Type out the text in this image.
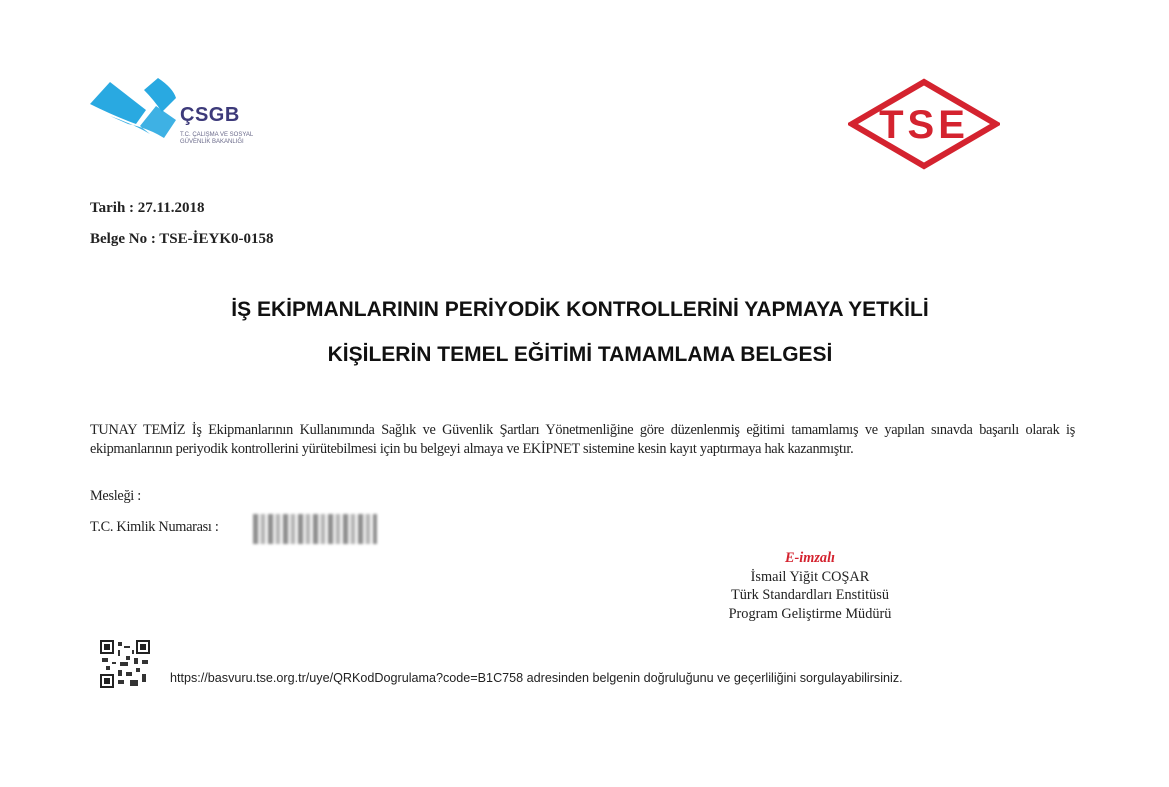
ÇSGB
T.C. ÇALIŞMA VE SOSYAL GÜVENLİK BAKANLIĞI	TSE
Tarih : 27.11.2018
Belge No : TSE-İEYK0-0158
İŞ EKİPMANLARININ PERİYODİK KONTROLLERİNİ YAPMAYA YETKİLİ
KİŞİLERİN TEMEL EĞİTİMİ TAMAMLAMA BELGESİ
TUNAY TEMİZ İş Ekipmanlarının Kullanımında Sağlık ve Güvenlik Şartları Yönetmenliğine göre düzenlenmiş eğitimi tamamlamış ve yapılan sınavda başarılı olarak iş ekipmanlarının periyodik kontrollerini yürütebilmesi için bu belgeyi almaya ve EKİPNET sistemine kesin kayıt yaptırmaya hak kazanmıştır.
Mesleği :
T.C. Kimlik Numarası :
E-imzalı
İsmail Yiğit COŞAR
Türk Standardları Enstitüsü
Program Geliştirme Müdürü
https://basvuru.tse.org.tr/uye/QRKodDogrulama?code=B1C758 adresinden belgenin doğruluğunu ve geçerliliğini sorgulayabilirsiniz.
